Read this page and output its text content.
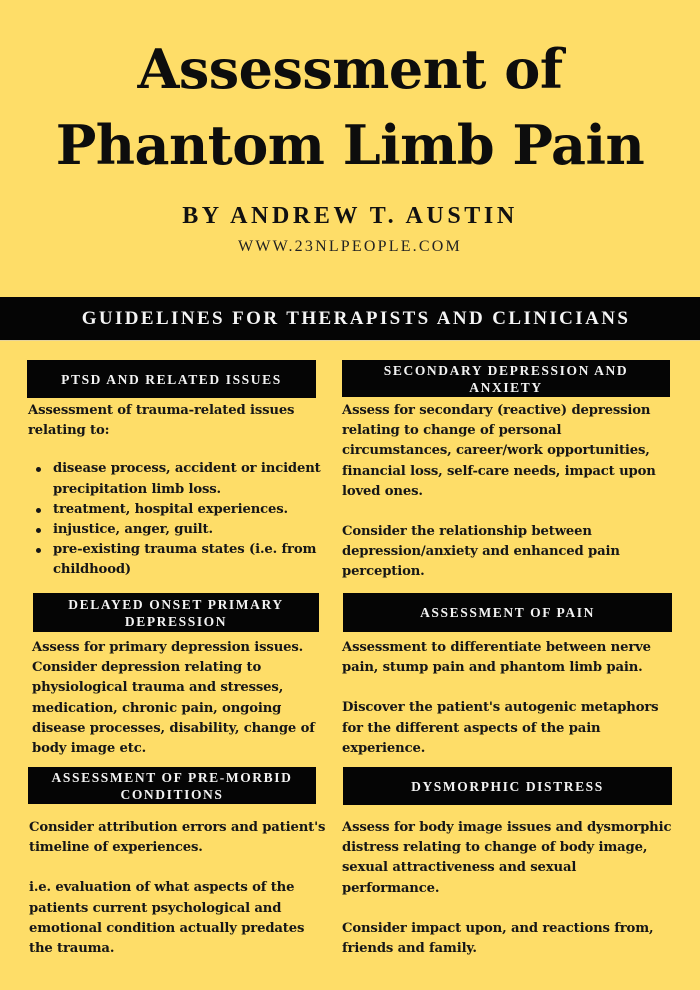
Assessment of
Phantom Limb Pain
BY ANDREW T. AUSTIN
WWW.23NLPEOPLE.COM
GUIDELINES FOR THERAPISTS AND CLINICIANS
PTSD AND RELATED ISSUES

Assessment of trauma-related issues relating to:

disease process, accident or incident precipitation limb loss.
treatment, hospital experiences.
injustice, anger, guilt.
pre-existing trauma states (i.e. from childhood)
SECONDARY DEPRESSION AND ANXIETY

Assess for secondary (reactive) depression relating to change of personal circumstances, career/work opportunities, financial loss, self-care needs, impact upon loved ones.

Consider the relationship between depression/anxiety and enhanced pain perception.

DELAYED ONSET PRIMARY DEPRESSION

Assess for primary depression issues. Consider depression relating to physiological trauma and stresses, medication, chronic pain, ongoing disease processes, disability, change of body image etc.

ASSESSMENT OF PAIN

Assessment to differentiate between nerve pain, stump pain and phantom limb pain.

Discover the patient's autogenic metaphors for the different aspects of the pain experience.

ASSESSMENT OF PRE-MORBID CONDITIONS

Consider attribution errors and patient's timeline of experiences.

i.e. evaluation of what aspects of the patients current psychological and emotional condition actually predates the trauma.

DYSMORPHIC DISTRESS

Assess for body image issues and dysmorphic distress relating to change of body image, sexual attractiveness and sexual performance.

Consider impact upon, and reactions from, friends and family.
